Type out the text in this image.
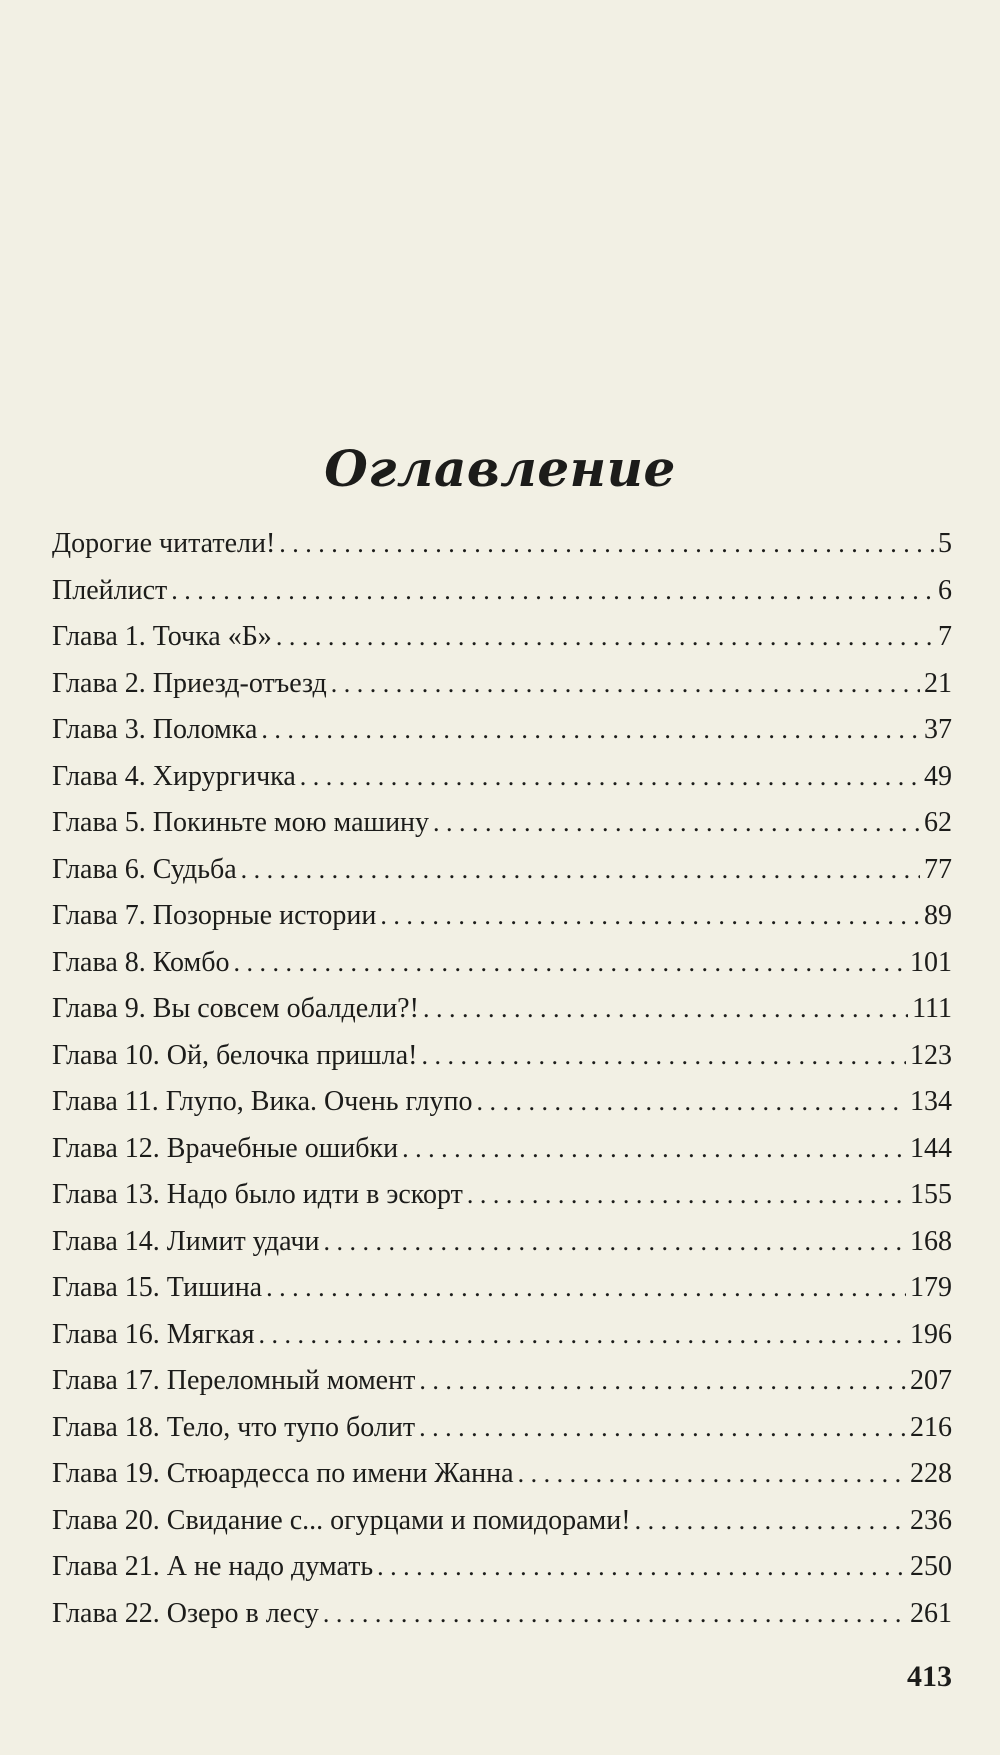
Оглавление
Дорогие читатели! . . .	5
Плейлист . . .	6
Глава 1. Точка «Б» . . .	7
Глава 2. Приезд-отъезд . . .	21
Глава 3. Поломка . . .	37
Глава 4. Хирургичка . . .	49
Глава 5. Покиньте мою машину . . .	62
Глава 6. Судьба . . .	77
Глава 7. Позорные истории . . .	89
Глава 8. Комбо . . .	101
Глава 9. Вы совсем обалдели?! . . .	111
Глава 10. Ой, белочка пришла! . . .	123
Глава 11. Глупо, Вика. Очень глупо . . .	134
Глава 12. Врачебные ошибки . . .	144
Глава 13. Надо было идти в эскорт . . .	155
Глава 14. Лимит удачи . . .	168
Глава 15. Тишина . . .	179
Глава 16. Мягкая . . .	196
Глава 17. Переломный момент . . .	207
Глава 18. Тело, что тупо болит . . .	216
Глава 19. Стюардесса по имени Жанна . . .	228
Глава 20. Свидание с... огурцами и помидорами! . . .	236
Глава 21. А не надо думать . . .	250
Глава 22. Озеро в лесу . . .	261
413
